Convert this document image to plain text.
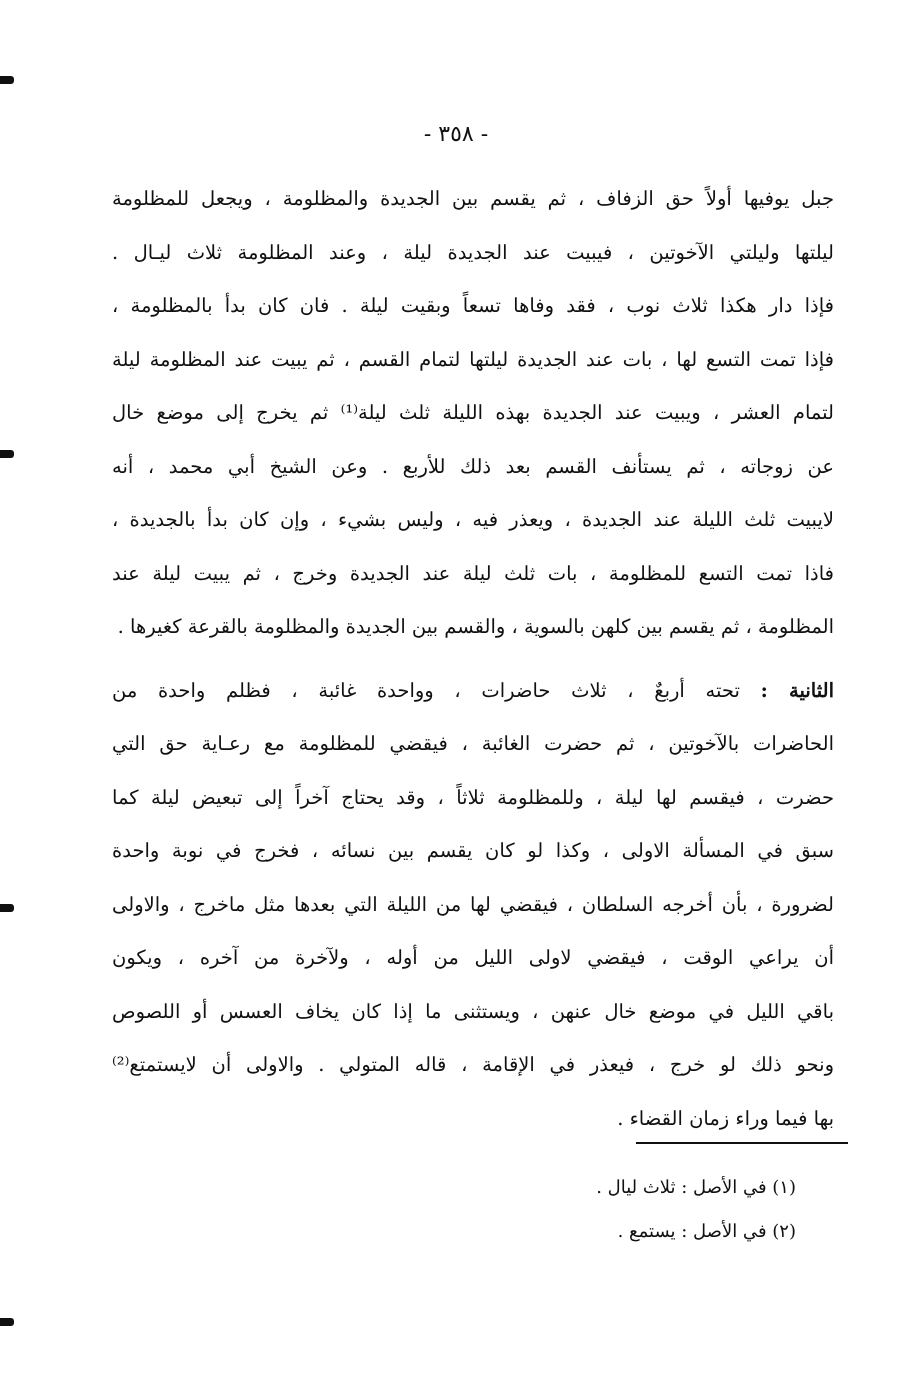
- ٣٥٨ -
جبل يوفيها أولاً حق الزفاف ، ثم يقسم بين الجديدة والمظلومة ، ويجعل للمظلومة
ليلتها وليلتي الآخوتين ، فيبيت عند الجديدة ليلة ، وعند المظلومة ثلاث ليـال .
فإذا دار هكذا ثلاث نوب ، فقد وفاها تسعاً وبقيت ليلة . فان كان بدأ بالمظلومة ،
فإذا تمت التسع لها ، بات عند الجديدة ليلتها لتمام القسم ، ثم يبيت عند المظلومة ليلة
لتمام العشر ، ويبيت عند الجديدة بهذه الليلة ثلث ليلة⁽¹⁾ ثم يخرج إلى موضع خال
عن زوجاته ، ثم يستأنف القسم بعد ذلك للأربع . وعن الشيخ أبي محمد ، أنه
لايبيت ثلث الليلة عند الجديدة ، ويعذر فيه ، وليس بشيء ، وإن كان بدأ بالجديدة ،
فاذا تمت التسع للمظلومة ، بات ثلث ليلة عند الجديدة وخرج ، ثم يبيت ليلة عند
المظلومة ، ثم يقسم بين كلهن بالسوية ، والقسم بين الجديدة والمظلومة بالقرعة كغيرها .
الثانية : تحته أربعٌ ، ثلاث حاضرات ، وواحدة غائبة ، فظلم واحدة من
الحاضرات بالآخوتين ، ثم حضرت الغائبة ، فيقضي للمظلومة مع رعـاية حق التي
حضرت ، فيقسم لها ليلة ، وللمظلومة ثلاثاً ، وقد يحتاج آخراً إلى تبعيض ليلة كما
سبق في المسألة الاولى ، وكذا لو كان يقسم بين نسائه ، فخرج في نوبة واحدة
لضرورة ، بأن أخرجه السلطان ، فيقضي لها من الليلة التي بعدها مثل ماخرج ، والاولى
أن يراعي الوقت ، فيقضي لاولى الليل من أوله ، ولآخرة من آخره ، ويكون
باقي الليل في موضع خال عنهن ، ويستثنى ما إذا كان يخاف العسس أو اللصوص
ونحو ذلك لو خرج ، فيعذر في الإقامة ، قاله المتولي . والاولى أن لايستمتع⁽²⁾
بها فيما وراء زمان القضاء .
(١) في الأصل : ثلاث ليال .
(٢) في الأصل : يستمع .
